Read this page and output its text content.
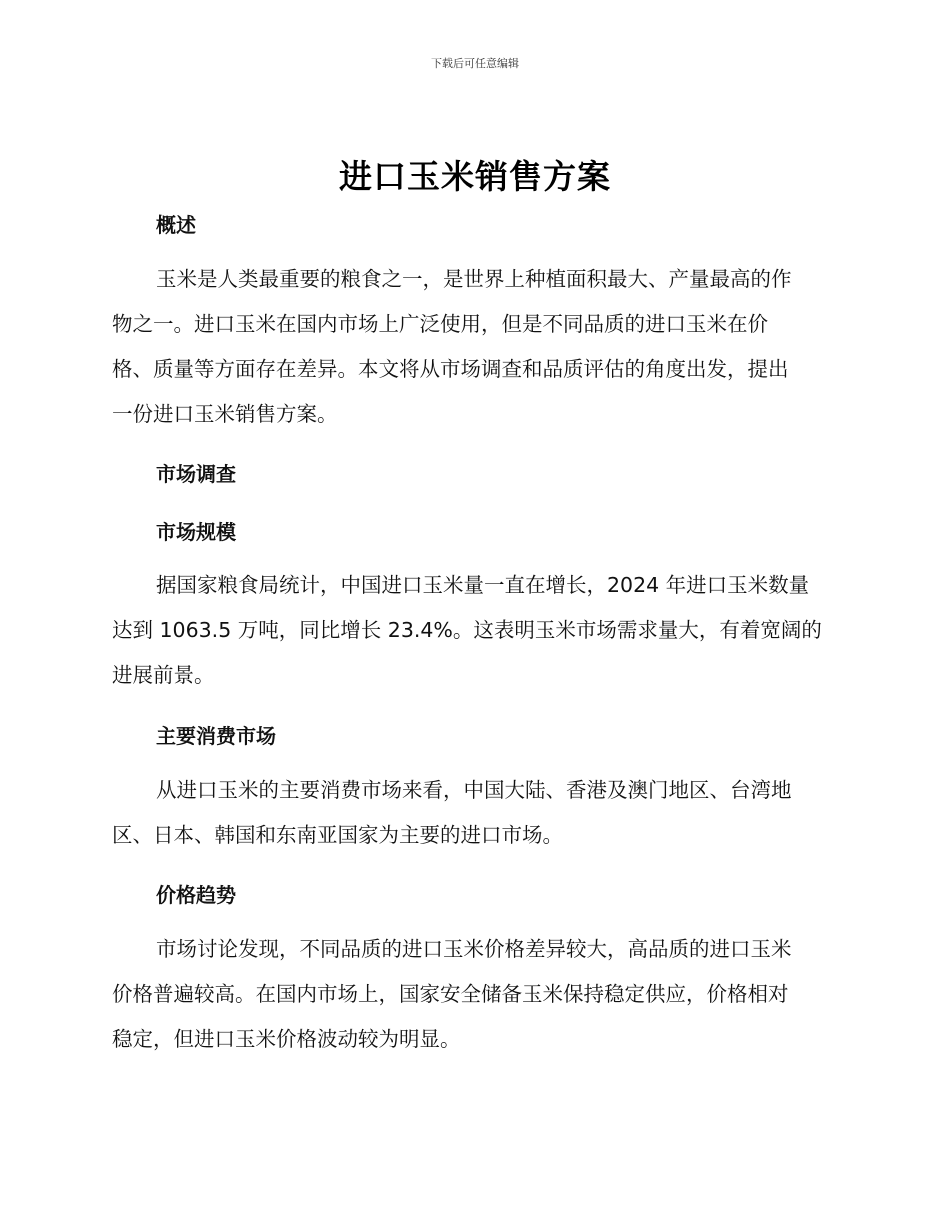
下载后可任意编辑
进口玉米销售方案
概述
玉米是人类最重要的粮食之一，是世界上种植面积最大、产量最高的作
物之一。进口玉米在国内市场上广泛使用，但是不同品质的进口玉米在价
格、质量等方面存在差异。本文将从市场调查和品质评估的角度出发，提出
一份进口玉米销售方案。
市场调查
市场规模
据国家粮食局统计，中国进口玉米量一直在增长，2024 年进口玉米数量
达到 1063.5 万吨，同比增长 23.4%。这表明玉米市场需求量大，有着宽阔的
进展前景。
主要消费市场
从进口玉米的主要消费市场来看，中国大陆、香港及澳门地区、台湾地
区、日本、韩国和东南亚国家为主要的进口市场。
价格趋势
市场讨论发现，不同品质的进口玉米价格差异较大，高品质的进口玉米
价格普遍较高。在国内市场上，国家安全储备玉米保持稳定供应，价格相对
稳定，但进口玉米价格波动较为明显。
